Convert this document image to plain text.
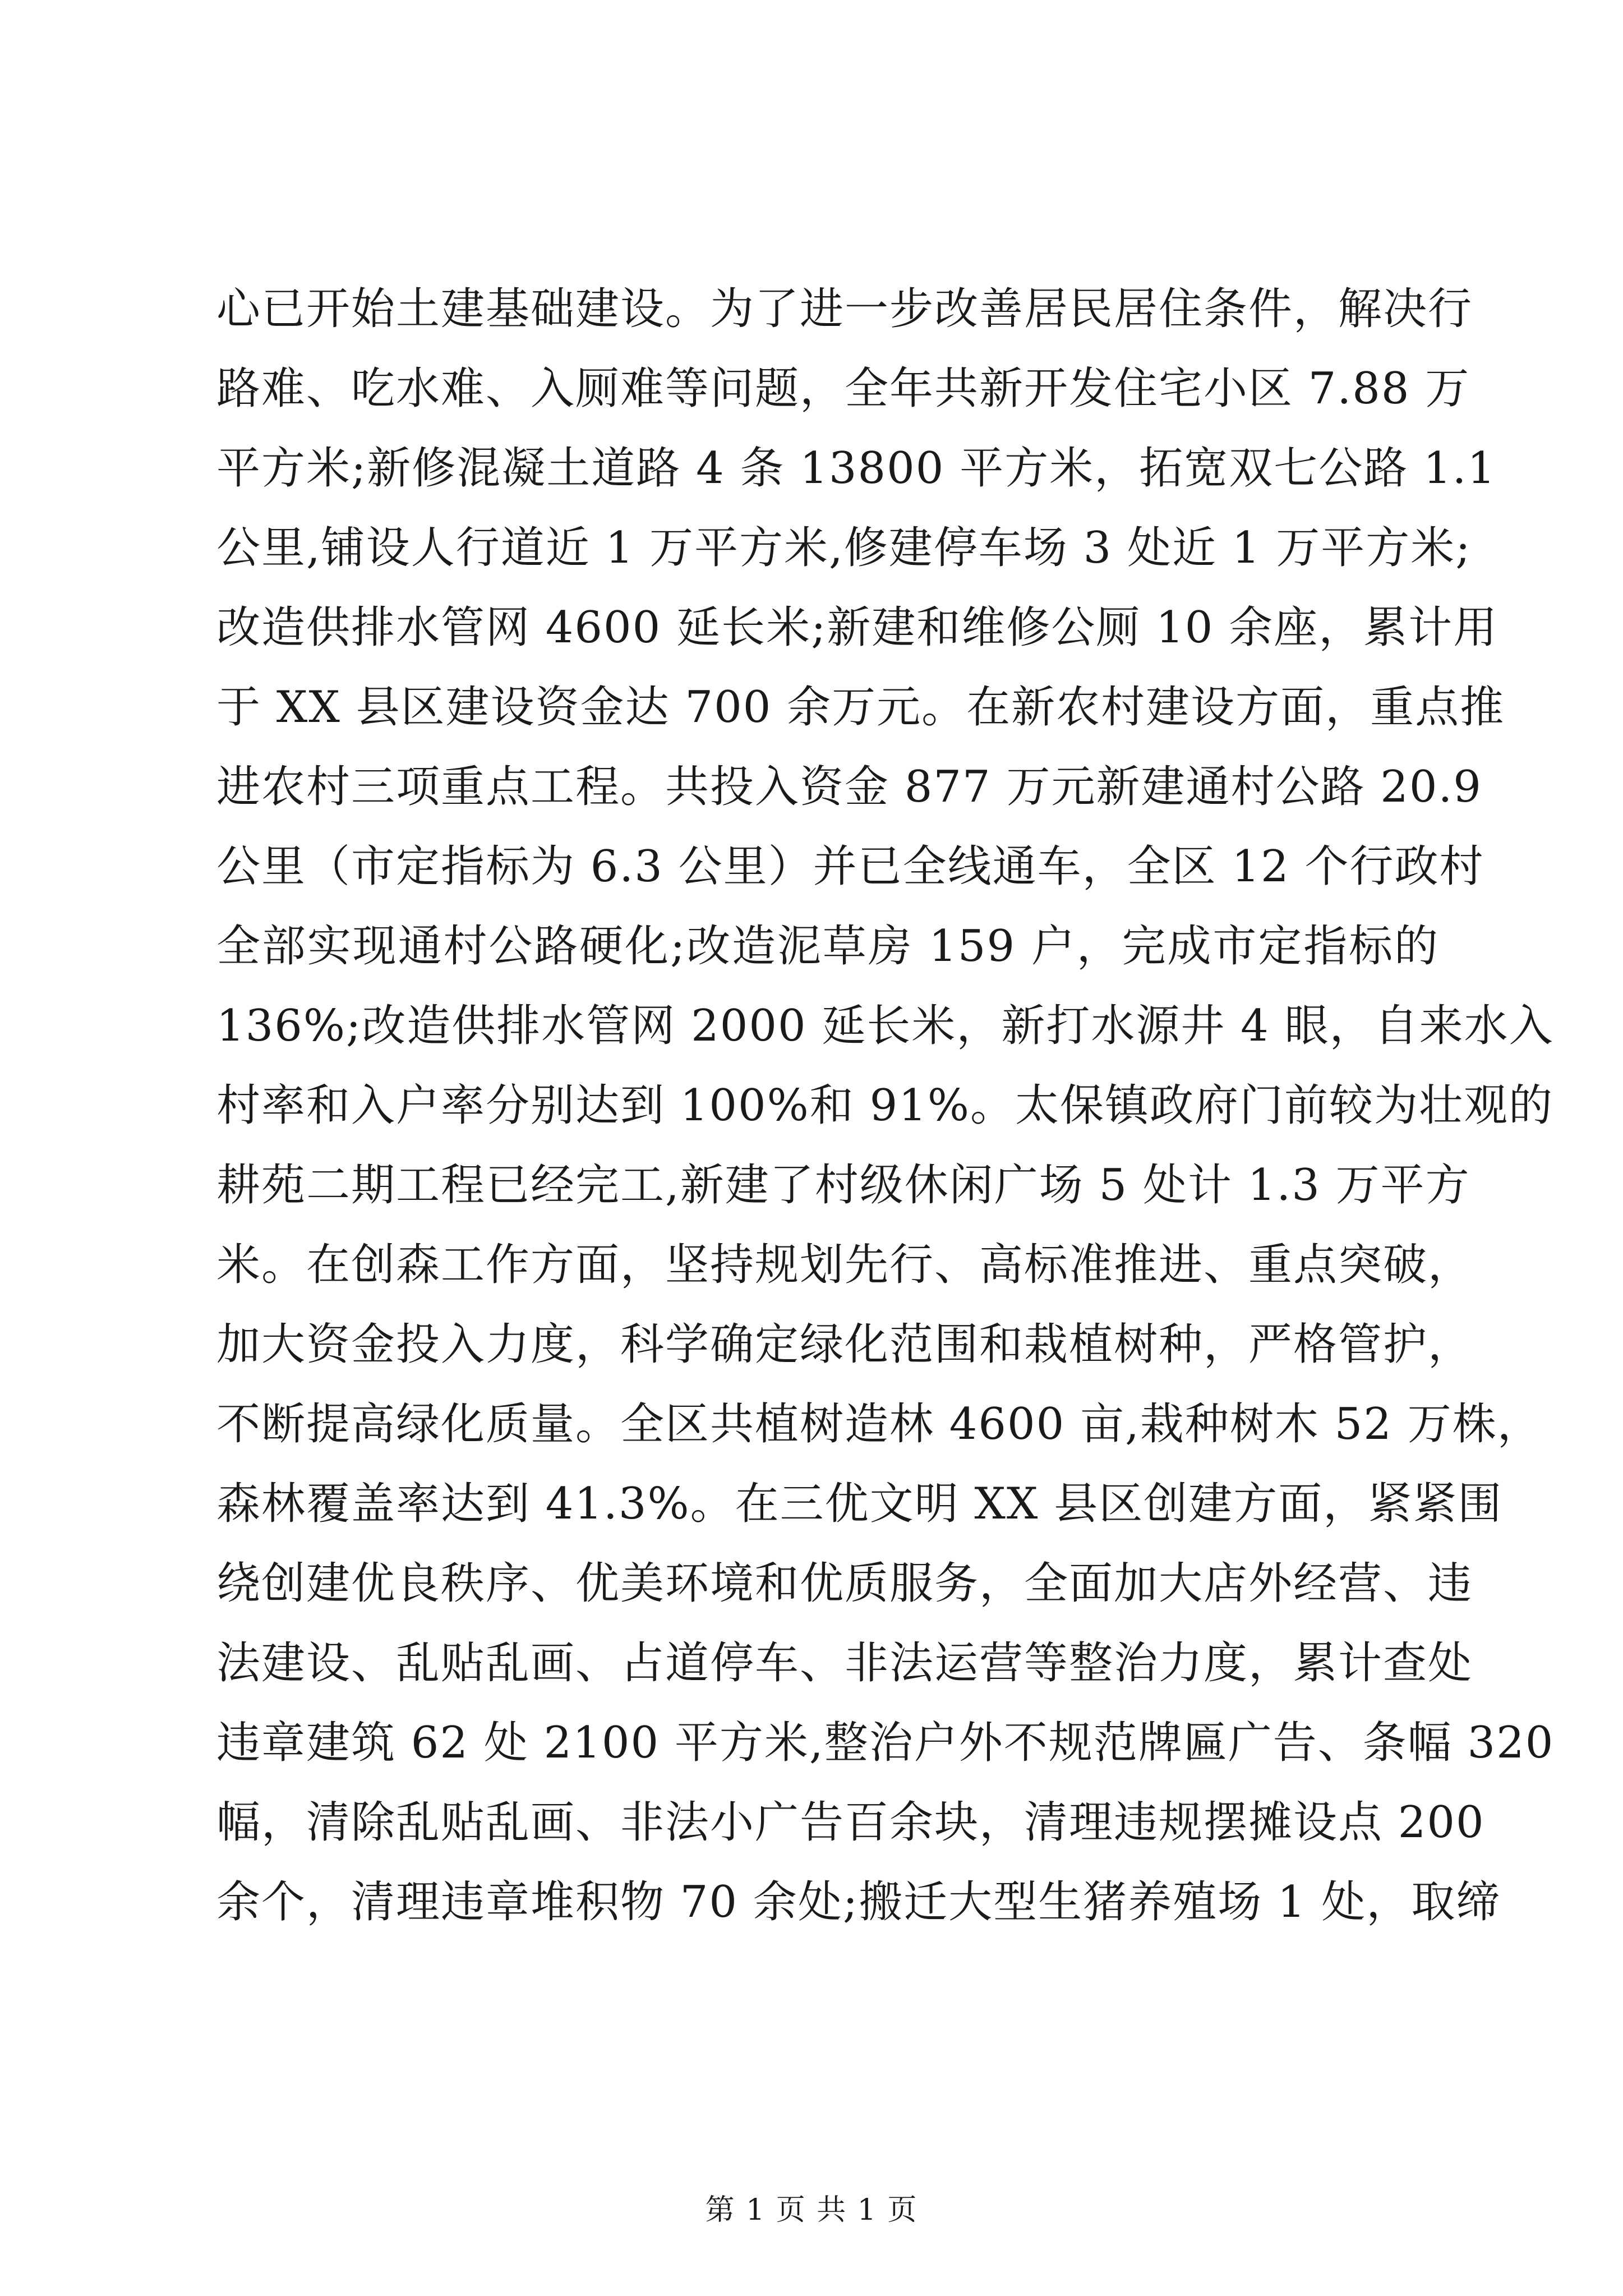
心已开始土建基础建设。为了进一步改善居民居住条件，解决行
路难、吃水难、入厕难等问题，全年共新开发住宅小区 7.88 万
平方米;新修混凝土道路 4 条 13800 平方米，拓宽双七公路 1.1
公里,铺设人行道近 1 万平方米,修建停车场 3 处近 1 万平方米;
改造供排水管网 4600 延长米;新建和维修公厕 10 余座，累计用
于 XX 县区建设资金达 700 余万元。在新农村建设方面，重点推
进农村三项重点工程。共投入资金 877 万元新建通村公路 20.9
公里（市定指标为 6.3 公里）并已全线通车，全区 12 个行政村
全部实现通村公路硬化;改造泥草房 159 户，完成市定指标的
136%;改造供排水管网 2000 延长米，新打水源井 4 眼，自来水入
村率和入户率分别达到 100%和 91%。太保镇政府门前较为壮观的
耕苑二期工程已经完工,新建了村级休闲广场 5 处计 1.3 万平方
米。在创森工作方面，坚持规划先行、高标准推进、重点突破，
加大资金投入力度，科学确定绿化范围和栽植树种，严格管护，
不断提高绿化质量。全区共植树造林 4600 亩,栽种树木 52 万株，
森林覆盖率达到 41.3%。在三优文明 XX 县区创建方面，紧紧围
绕创建优良秩序、优美环境和优质服务，全面加大店外经营、违
法建设、乱贴乱画、占道停车、非法运营等整治力度，累计查处
违章建筑 62 处 2100 平方米,整治户外不规范牌匾广告、条幅 320
幅，清除乱贴乱画、非法小广告百余块，清理违规摆摊设点 200
余个，清理违章堆积物 70 余处;搬迁大型生猪养殖场 1 处，取缔
第 1 页 共 1 页
